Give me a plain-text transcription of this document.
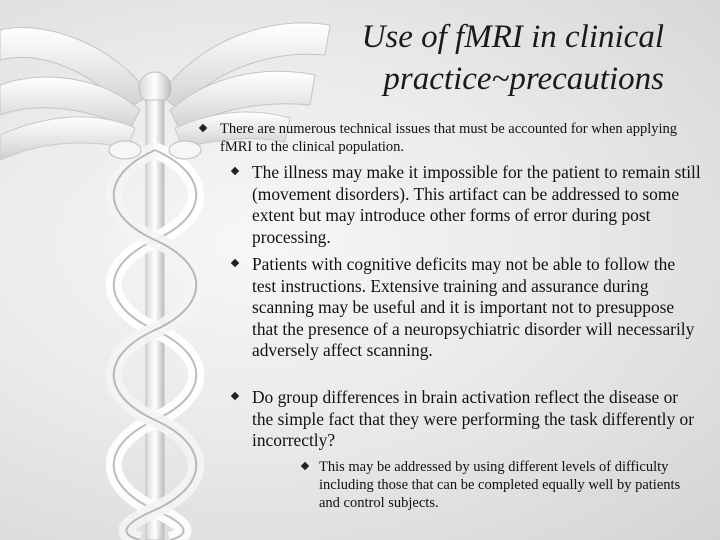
Use of fMRI in clinical
practice~precautions
There are numerous technical issues that must be accounted for when applying fMRI to the clinical population.
The illness may make it impossible for the patient to remain still (movement disorders). This artifact can be addressed to some extent but may introduce other forms of error during post processing.
Patients with cognitive deficits may not be able to follow the test instructions. Extensive training and assurance during scanning may be useful and it is important not to presuppose that the presence of a neuropsychiatric disorder will necessarily adversely affect scanning.
Do group differences in brain activation reflect the disease or the simple fact that they were performing the task differently or incorrectly?
This may be addressed by using different levels of difficulty including those that can be completed equally well by patients and control subjects.
